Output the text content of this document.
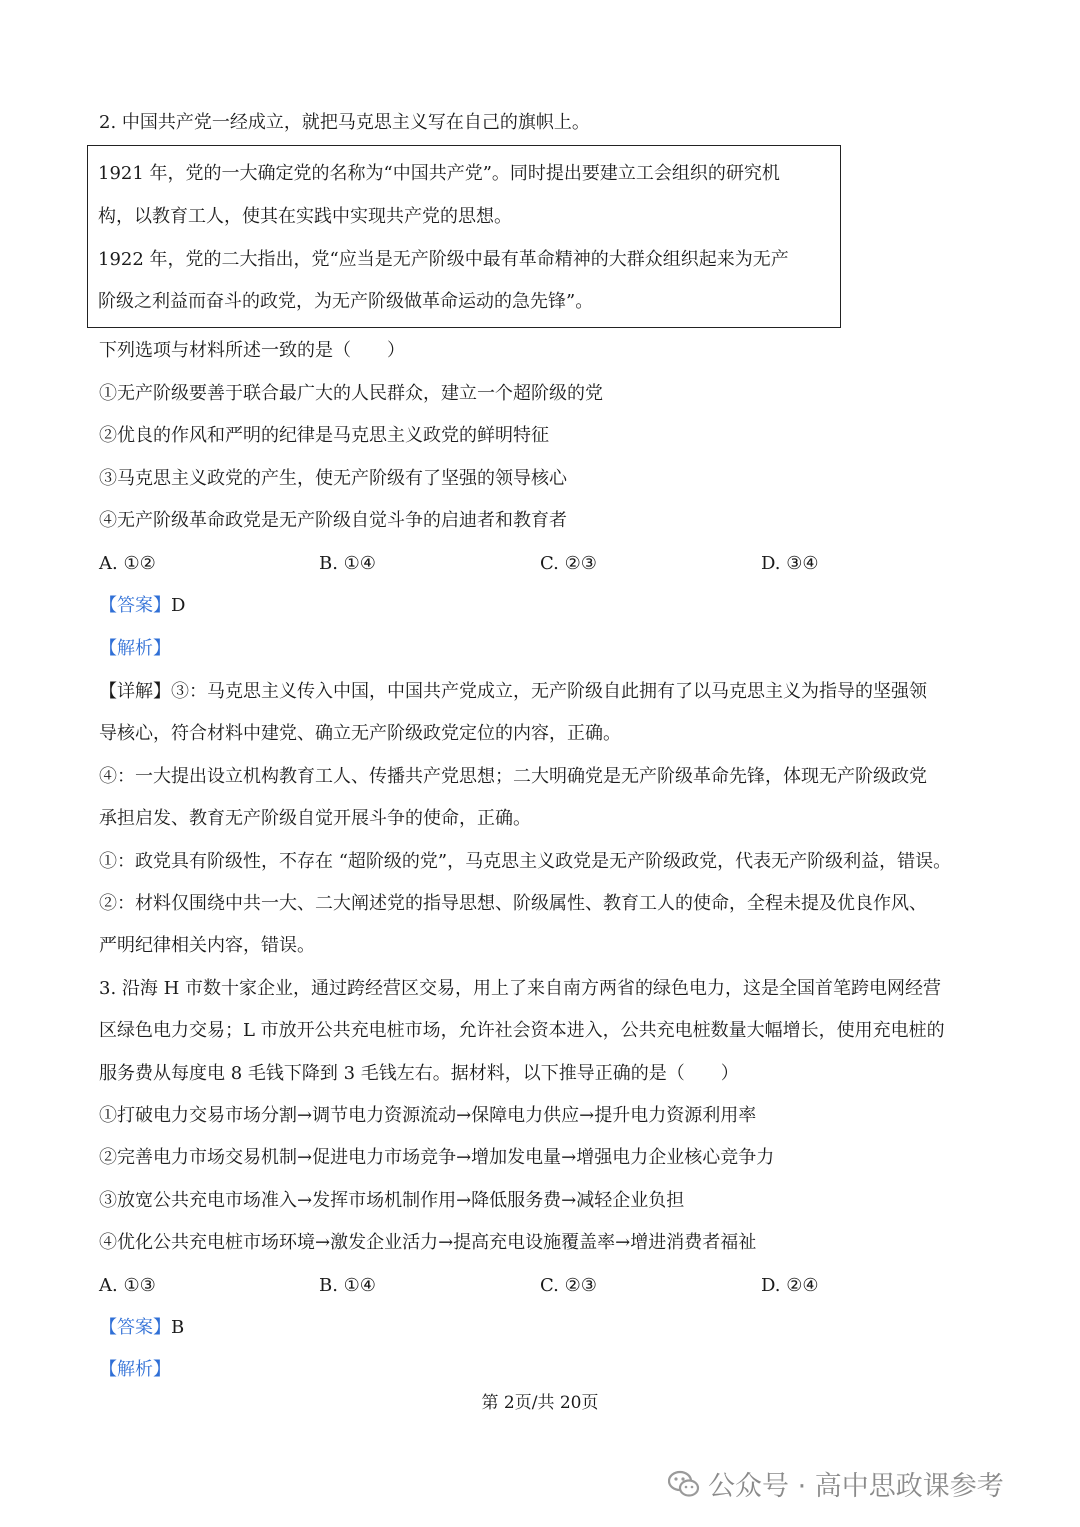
2. 中国共产党一经成立，就把马克思主义写在自己的旗帜上。
1921 年，党的一大确定党的名称为“中国共产党”。同时提出要建立工会组织的研究机
构，以教育工人，使其在实践中实现共产党的思想。
1922 年，党的二大指出，党“应当是无产阶级中最有革命精神的大群众组织起来为无产
阶级之利益而奋斗的政党，为无产阶级做革命运动的急先锋”。
下列选项与材料所述一致的是（　　）
①无产阶级要善于联合最广大的人民群众，建立一个超阶级的党
②优良的作风和严明的纪律是马克思主义政党的鲜明特征
③马克思主义政党的产生，使无产阶级有了坚强的领导核心
④无产阶级革命政党是无产阶级自觉斗争的启迪者和教育者
A. ①②	B. ①④	C. ②③	D. ③④
【答案】D
【解析】
【详解】③：马克思主义传入中国，中国共产党成立，无产阶级自此拥有了以马克思主义为指导的坚强领
导核心，符合材料中建党、确立无产阶级政党定位的内容，正确。
④：一大提出设立机构教育工人、传播共产党思想；二大明确党是无产阶级革命先锋，体现无产阶级政党
承担启发、教育无产阶级自觉开展斗争的使命，正确。
①：政党具有阶级性，不存在 “超阶级的党”，马克思主义政党是无产阶级政党，代表无产阶级利益，错误。
②：材料仅围绕中共一大、二大阐述党的指导思想、阶级属性、教育工人的使命，全程未提及优良作风、
严明纪律相关内容，错误。
3. 沿海 H 市数十家企业，通过跨经营区交易，用上了来自南方两省的绿色电力，这是全国首笔跨电网经营
区绿色电力交易；L 市放开公共充电桩市场，允许社会资本进入，公共充电桩数量大幅增长，使用充电桩的
服务费从每度电 8 毛钱下降到 3 毛钱左右。据材料，以下推导正确的是（　　）
①打破电力交易市场分割→调节电力资源流动→保障电力供应→提升电力资源利用率
②完善电力市场交易机制→促进电力市场竞争→增加发电量→增强电力企业核心竞争力
③放宽公共充电市场准入→发挥市场机制作用→降低服务费→减轻企业负担
④优化公共充电桩市场环境→激发企业活力→提高充电设施覆盖率→增进消费者福祉
A. ①③	B. ①④	C. ②③	D. ②④
【答案】B
【解析】
第 2页/共 20页
公众号 · 高中思政课参考
